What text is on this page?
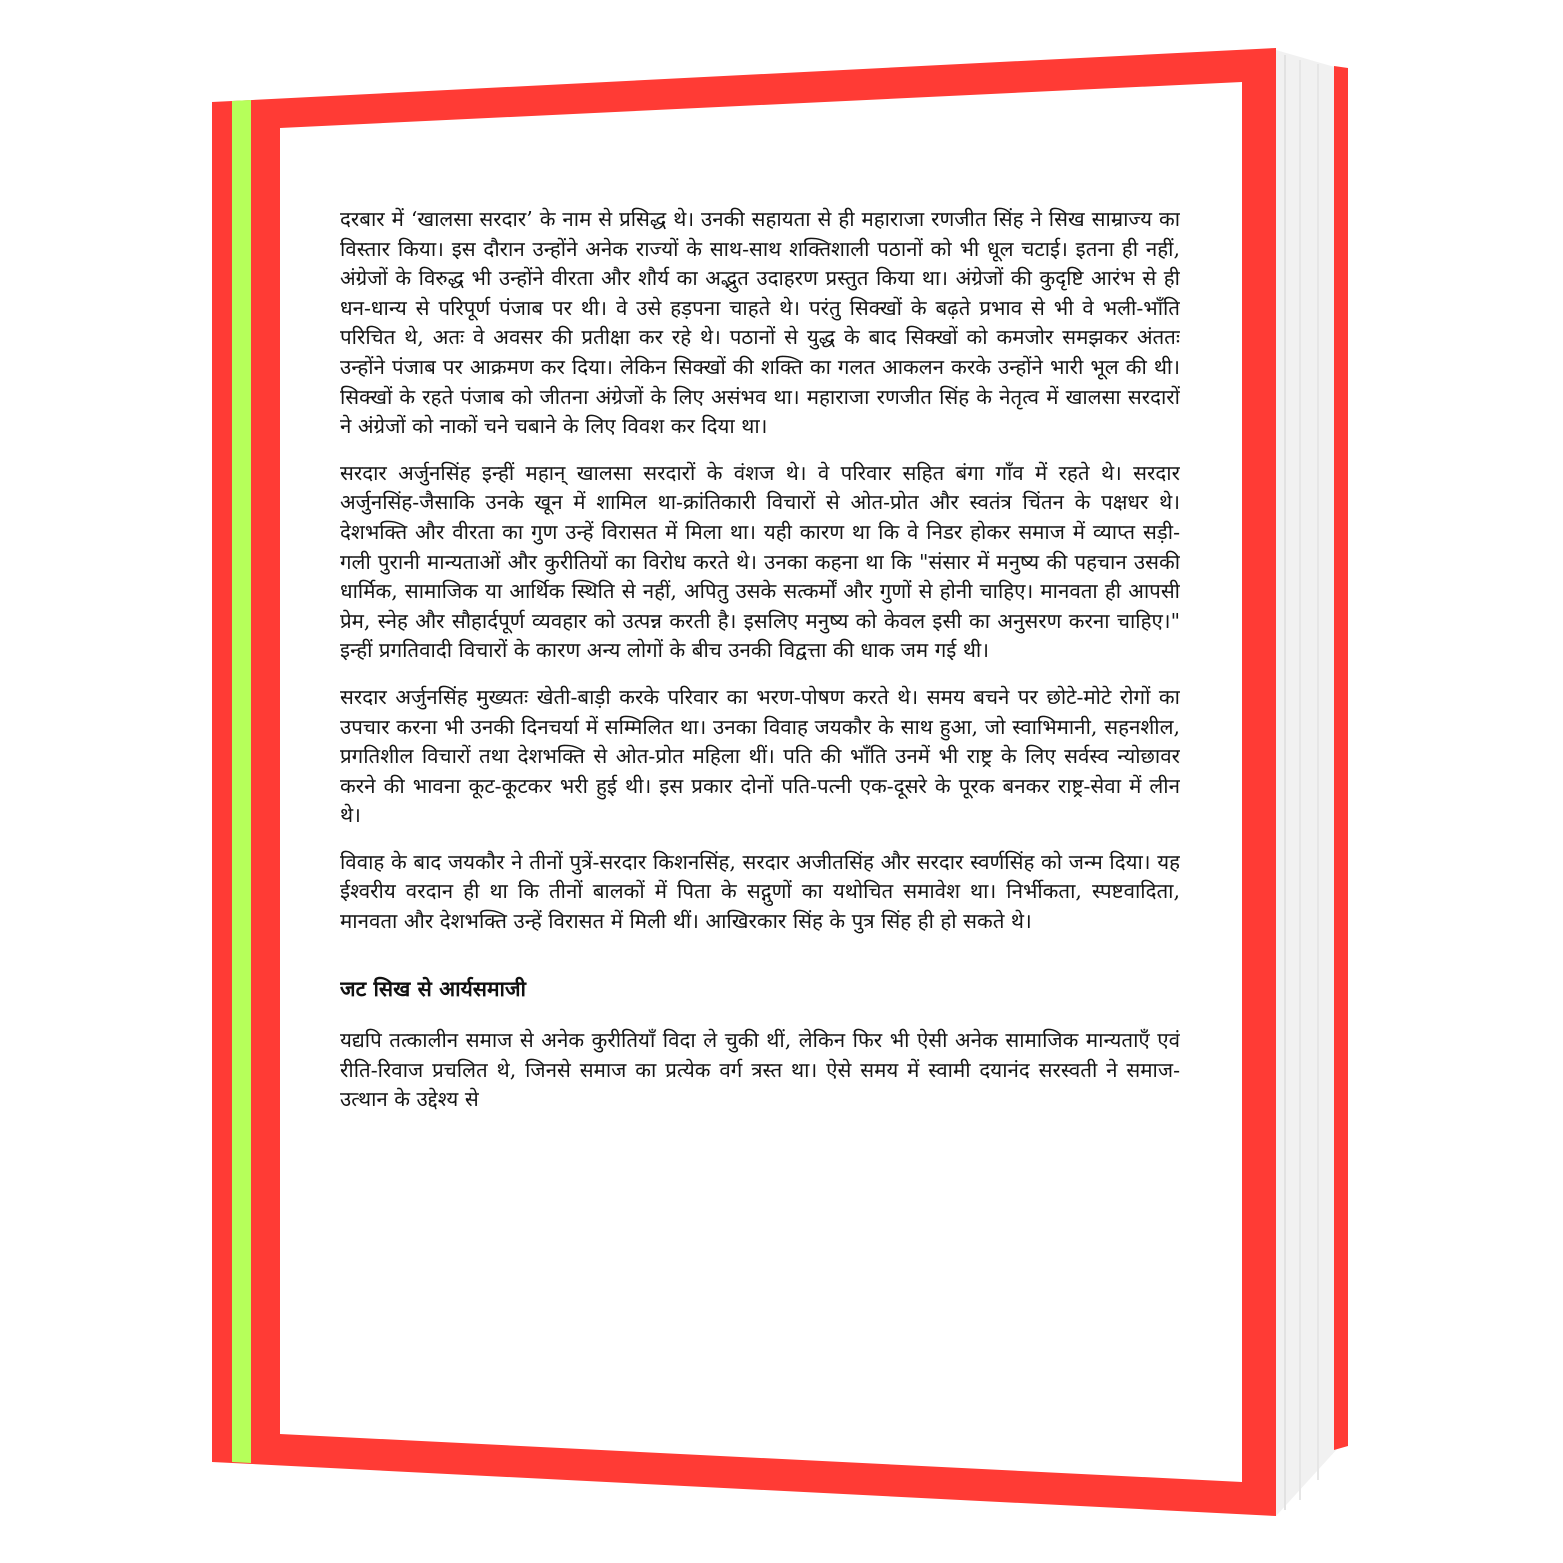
दरबार में ‘खालसा सरदार’ के नाम से प्रसिद्ध थे। उनकी सहायता से ही महाराजा रणजीत सिंह ने सिख साम्राज्य का विस्तार किया। इस दौरान उन्होंने अनेक राज्यों के साथ-साथ शक्तिशाली पठानों को भी धूल चटाई। इतना ही नहीं, अंग्रेजों के विरुद्ध भी उन्होंने वीरता और शौर्य का अद्भुत उदाहरण प्रस्तुत किया था। अंग्रेजों की कुदृष्टि आरंभ से ही धन-धान्य से परिपूर्ण पंजाब पर थी। वे उसे हड़पना चाहते थे। परंतु सिक्खों के बढ़ते प्रभाव से भी वे भली-भाँति परिचित थे, अतः वे अवसर की प्रतीक्षा कर रहे थे। पठानों से युद्ध के बाद सिक्खों को कमजोर समझकर अंततः उन्होंने पंजाब पर आक्रमण कर दिया। लेकिन सिक्खों की शक्ति का गलत आकलन करके उन्होंने भारी भूल की थी। सिक्खों के रहते पंजाब को जीतना अंग्रेजों के लिए असंभव था। महाराजा रणजीत सिंह के नेतृत्व में खालसा सरदारों ने अंग्रेजों को नाकों चने चबाने के लिए विवश कर दिया था।

सरदार अर्जुनसिंह इन्हीं महान् खालसा सरदारों के वंशज थे। वे परिवार सहित बंगा गाँव में रहते थे। सरदार अर्जुनसिंह-जैसाकि उनके खून में शामिल था-क्रांतिकारी विचारों से ओत-प्रोत और स्वतंत्र चिंतन के पक्षधर थे। देशभक्ति और वीरता का गुण उन्हें विरासत में मिला था। यही कारण था कि वे निडर होकर समाज में व्याप्त सड़ी-गली पुरानी मान्यताओं और कुरीतियों का विरोध करते थे। उनका कहना था कि "संसार में मनुष्य की पहचान उसकी धार्मिक, सामाजिक या आर्थिक स्थिति से नहीं, अपितु उसके सत्कर्मों और गुणों से होनी चाहिए। मानवता ही आपसी प्रेम, स्नेह और सौहार्दपूर्ण व्यवहार को उत्पन्न करती है। इसलिए मनुष्य को केवल इसी का अनुसरण करना चाहिए।" इन्हीं प्रगतिवादी विचारों के कारण अन्य लोगों के बीच उनकी विद्वत्ता की धाक जम गई थी।

सरदार अर्जुनसिंह मुख्यतः खेती-बाड़ी करके परिवार का भरण-पोषण करते थे। समय बचने पर छोटे-मोटे रोगों का उपचार करना भी उनकी दिनचर्या में सम्मिलित था। उनका विवाह जयकौर के साथ हुआ, जो स्वाभिमानी, सहनशील, प्रगतिशील विचारों तथा देशभक्ति से ओत-प्रोत महिला थीं। पति की भाँति उनमें भी राष्ट्र के लिए सर्वस्व न्योछावर करने की भावना कूट-कूटकर भरी हुई थी। इस प्रकार दोनों पति-पत्नी एक-दूसरे के पूरक बनकर राष्ट्र-सेवा में लीन थे।

विवाह के बाद जयकौर ने तीनों पुत्रें-सरदार किशनसिंह, सरदार अजीतसिंह और सरदार स्वर्णसिंह को जन्म दिया। यह ईश्वरीय वरदान ही था कि तीनों बालकों में पिता के सद्गुणों का यथोचित समावेश था। निर्भीकता, स्पष्टवादिता, मानवता और देशभक्ति उन्हें विरासत में मिली थीं। आखिरकार सिंह के पुत्र सिंह ही हो सकते थे।

जट सिख से आर्यसमाजी

यद्यपि तत्कालीन समाज से अनेक कुरीतियाँ विदा ले चुकी थीं, लेकिन फिर भी ऐसी अनेक सामाजिक मान्यताएँ एवं रीति-रिवाज प्रचलित थे, जिनसे समाज का प्रत्येक वर्ग त्रस्त था। ऐसे समय में स्वामी दयानंद सरस्वती ने समाज-उत्थान के उद्देश्य से
